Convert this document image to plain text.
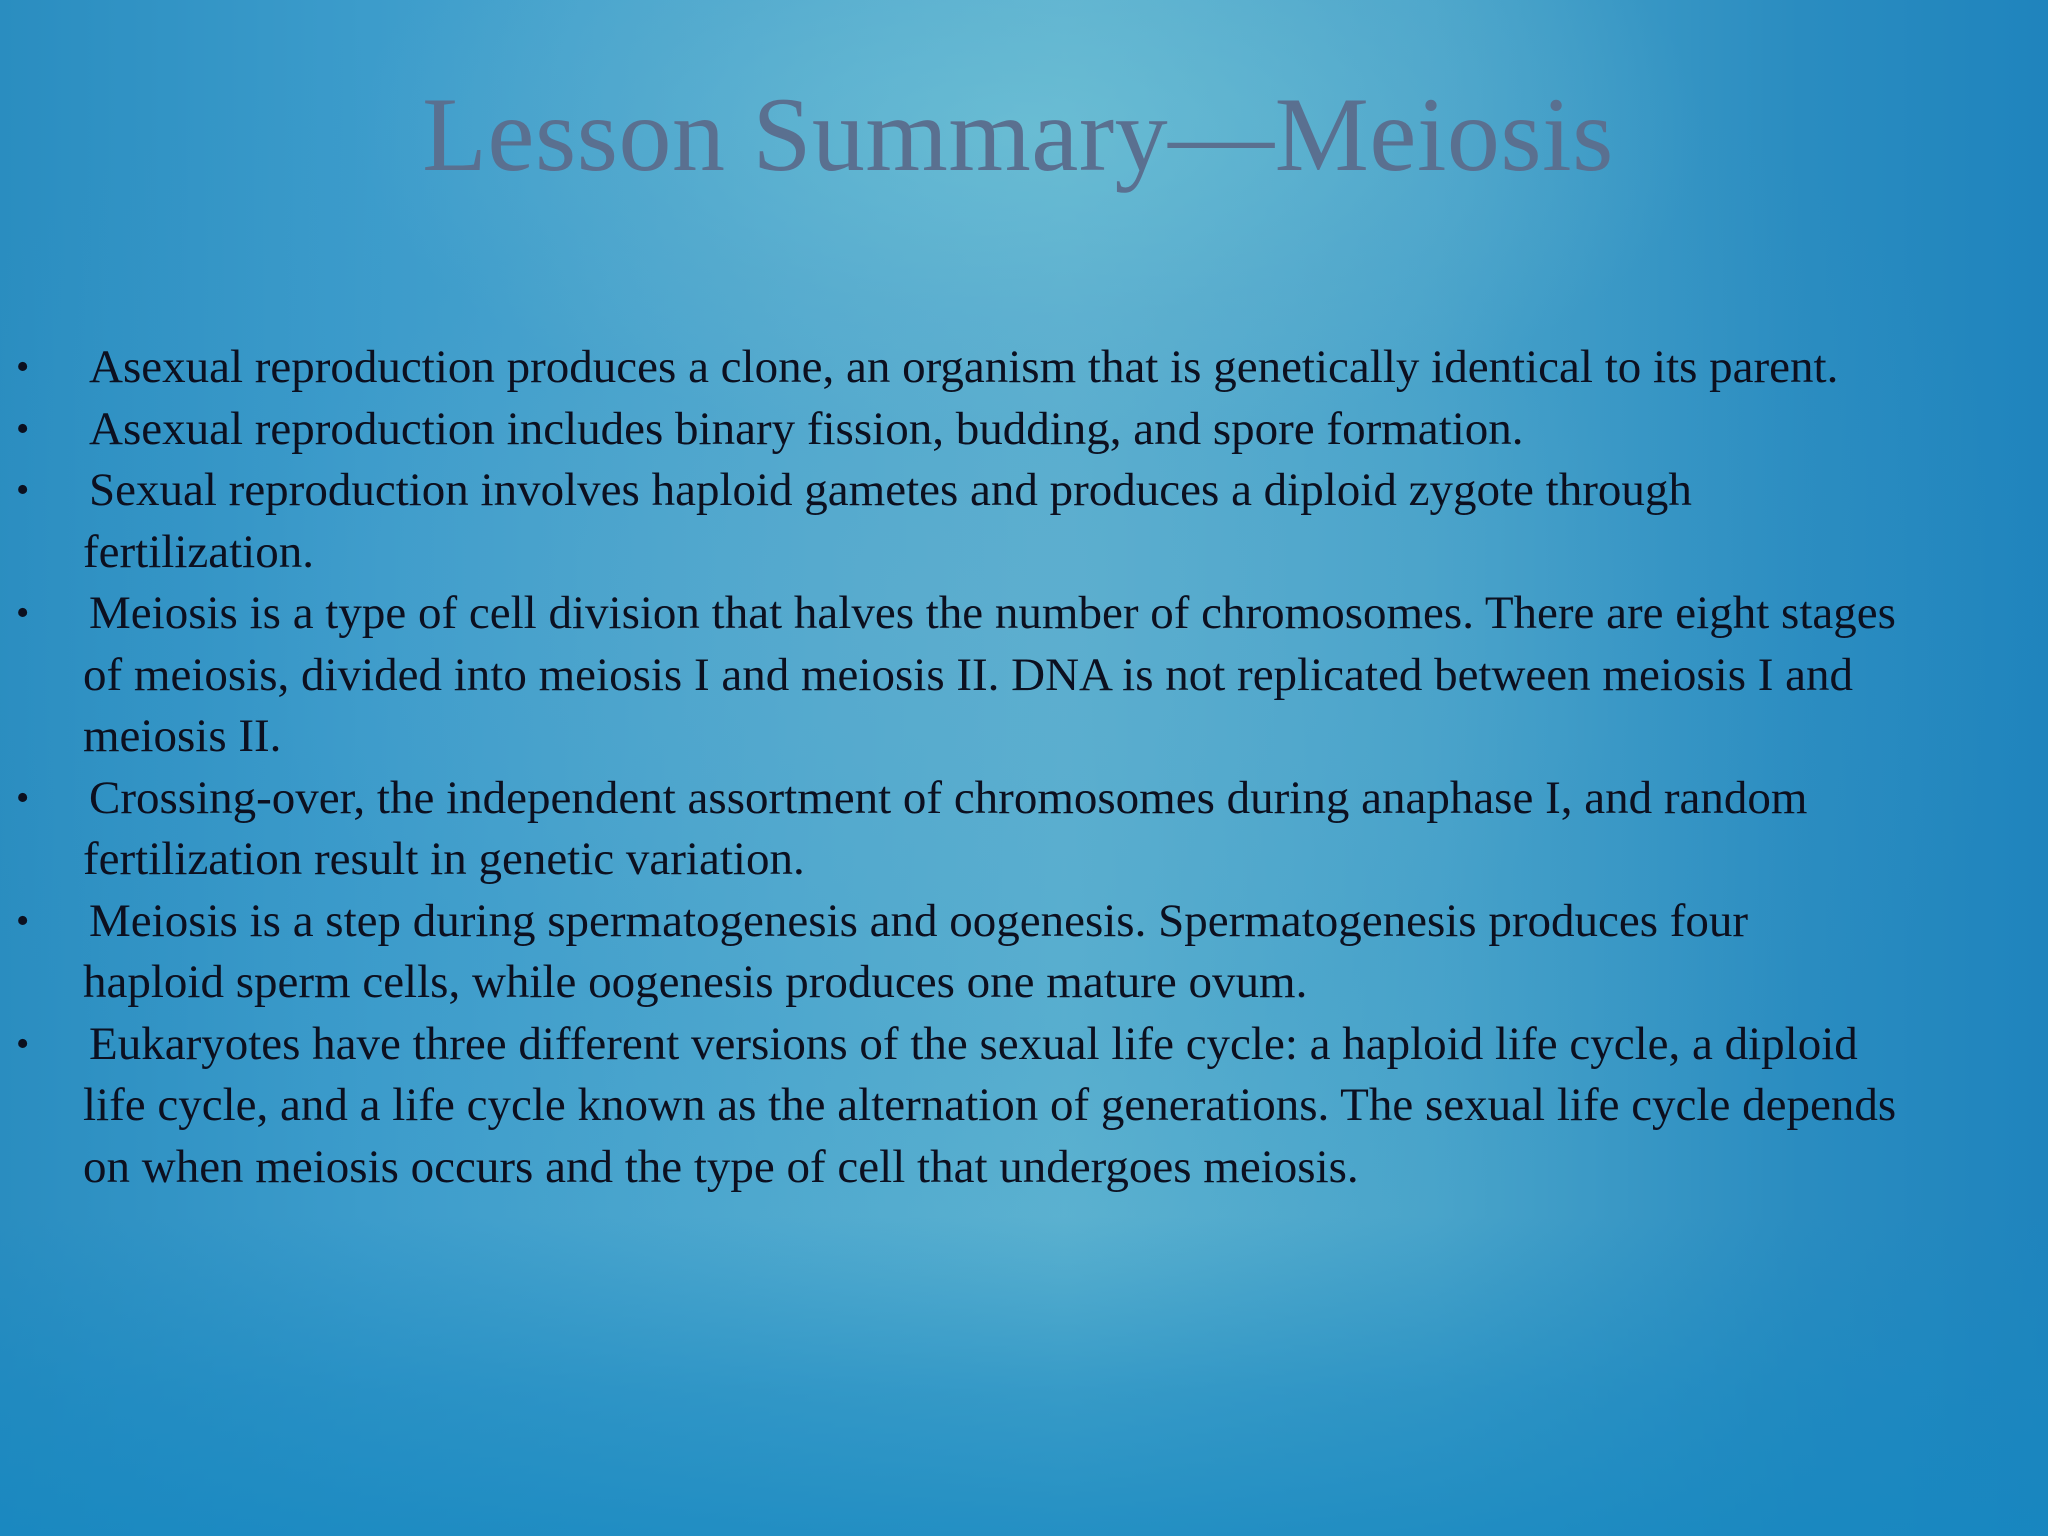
Lesson Summary—Meiosis
• Asexual reproduction produces a clone, an organism that is genetically identical to its parent.
• Asexual reproduction includes binary fission, budding, and spore formation.
• Sexual reproduction involves haploid gametes and produces a diploid zygote through fertilization.
• Meiosis is a type of cell division that halves the number of chromosomes. There are eight stages of meiosis, divided into meiosis I and meiosis II. DNA is not replicated between meiosis I and meiosis II.
• Crossing-over, the independent assortment of chromosomes during anaphase I, and random fertilization result in genetic variation.
• Meiosis is a step during spermatogenesis and oogenesis. Spermatogenesis produces four haploid sperm cells, while oogenesis produces one mature ovum.
• Eukaryotes have three different versions of the sexual life cycle: a haploid life cycle, a diploid life cycle, and a life cycle known as the alternation of generations. The sexual life cycle depends on when meiosis occurs and the type of cell that undergoes meiosis.
